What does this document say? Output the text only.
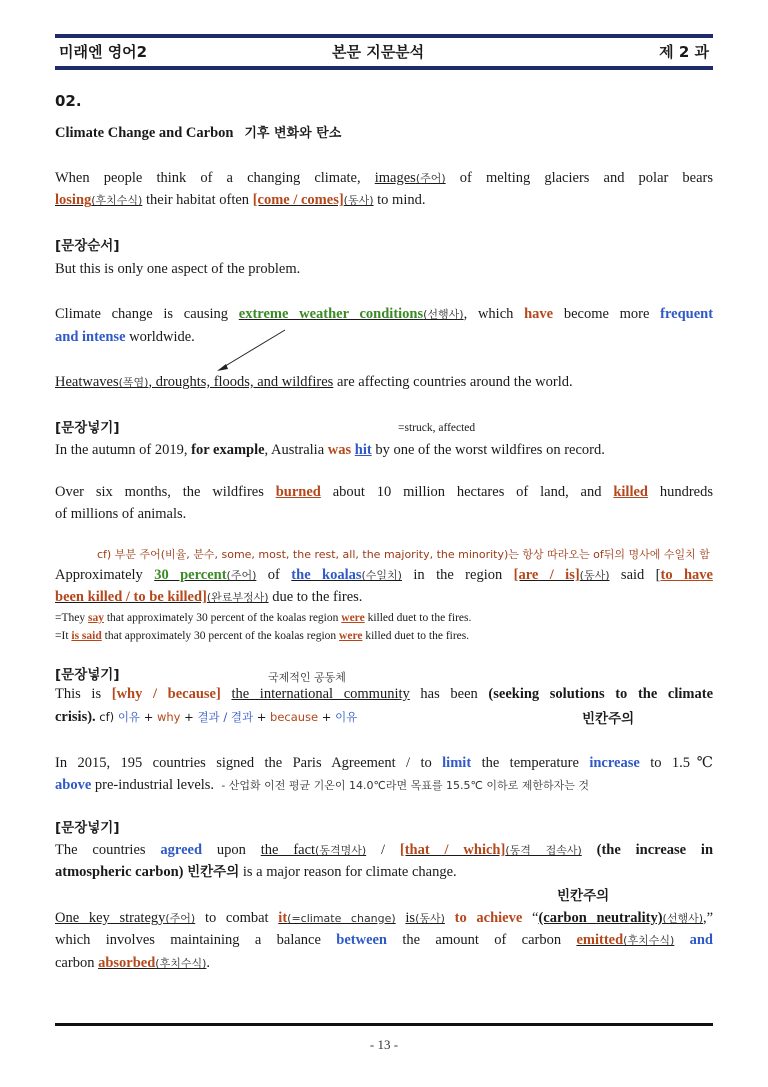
미래엔 영어2	본문 지문분석	제 2 과
02.
Climate Change and Carbon 기후 변화와 탄소
When people think of a changing climate, images(주어) of melting glaciers and polar bears
losing(후치수식) their habitat often [come / comes](동사) to mind.
[문장순서]
But this is only one aspect of the problem.
Climate change is causing extreme weather conditions(선행사), which have become more frequent
and intense worldwide.
Heatwaves(폭염), droughts, floods, and wildfires are affecting countries around the world.
[문장넣기]	=struck, affected
In the autumn of 2019, for example, Australia was hit by one of the worst wildfires on record.
Over six months, the wildfires burned about 10 million hectares of land, and killed hundreds
of millions of animals.
cf) 부분 주어(비율, 분수, some, most, the rest, all, the majority, the minority)는 항상 따라오는 of뒤의 명사에 수일치 함
Approximately 30 percent(주어) of the koalas(수일치) in the region [are / is](동사) said [to have
been killed / to be killed](완료부정사) due to the fires.
=They say that approximately 30 percent of the koalas region were killed duet to the fires.
=It is said that approximately 30 percent of the koalas region were killed duet to the fires.
[문장넣기]	국제적인 공동체
This is [why / because] the international community has been (seeking solutions to the climate
crisis). cf) 이유 + why + 결과 / 결과 + because + 이유	빈칸주의
In 2015, 195 countries signed the Paris Agreement / to limit the temperature increase to 1.5℃
above pre-industrial levels. - 산업화 이전 평균 기온이 14.0℃라면 목표를 15.5℃ 이하로 제한하자는 것
[문장넣기]
The countries agreed upon the fact(동격명사) / [that / which](동격 접속사) (the increase in
atmospheric carbon) 빈칸주의 is a major reason for climate change.
빈칸주의
One key strategy(주어) to combat it(=climate change) is(동사) to achieve “(carbon neutrality)(선행사),”
which involves maintaining a balance between the amount of carbon emitted(후치수식) and
carbon absorbed(후치수식).
- 13 -
